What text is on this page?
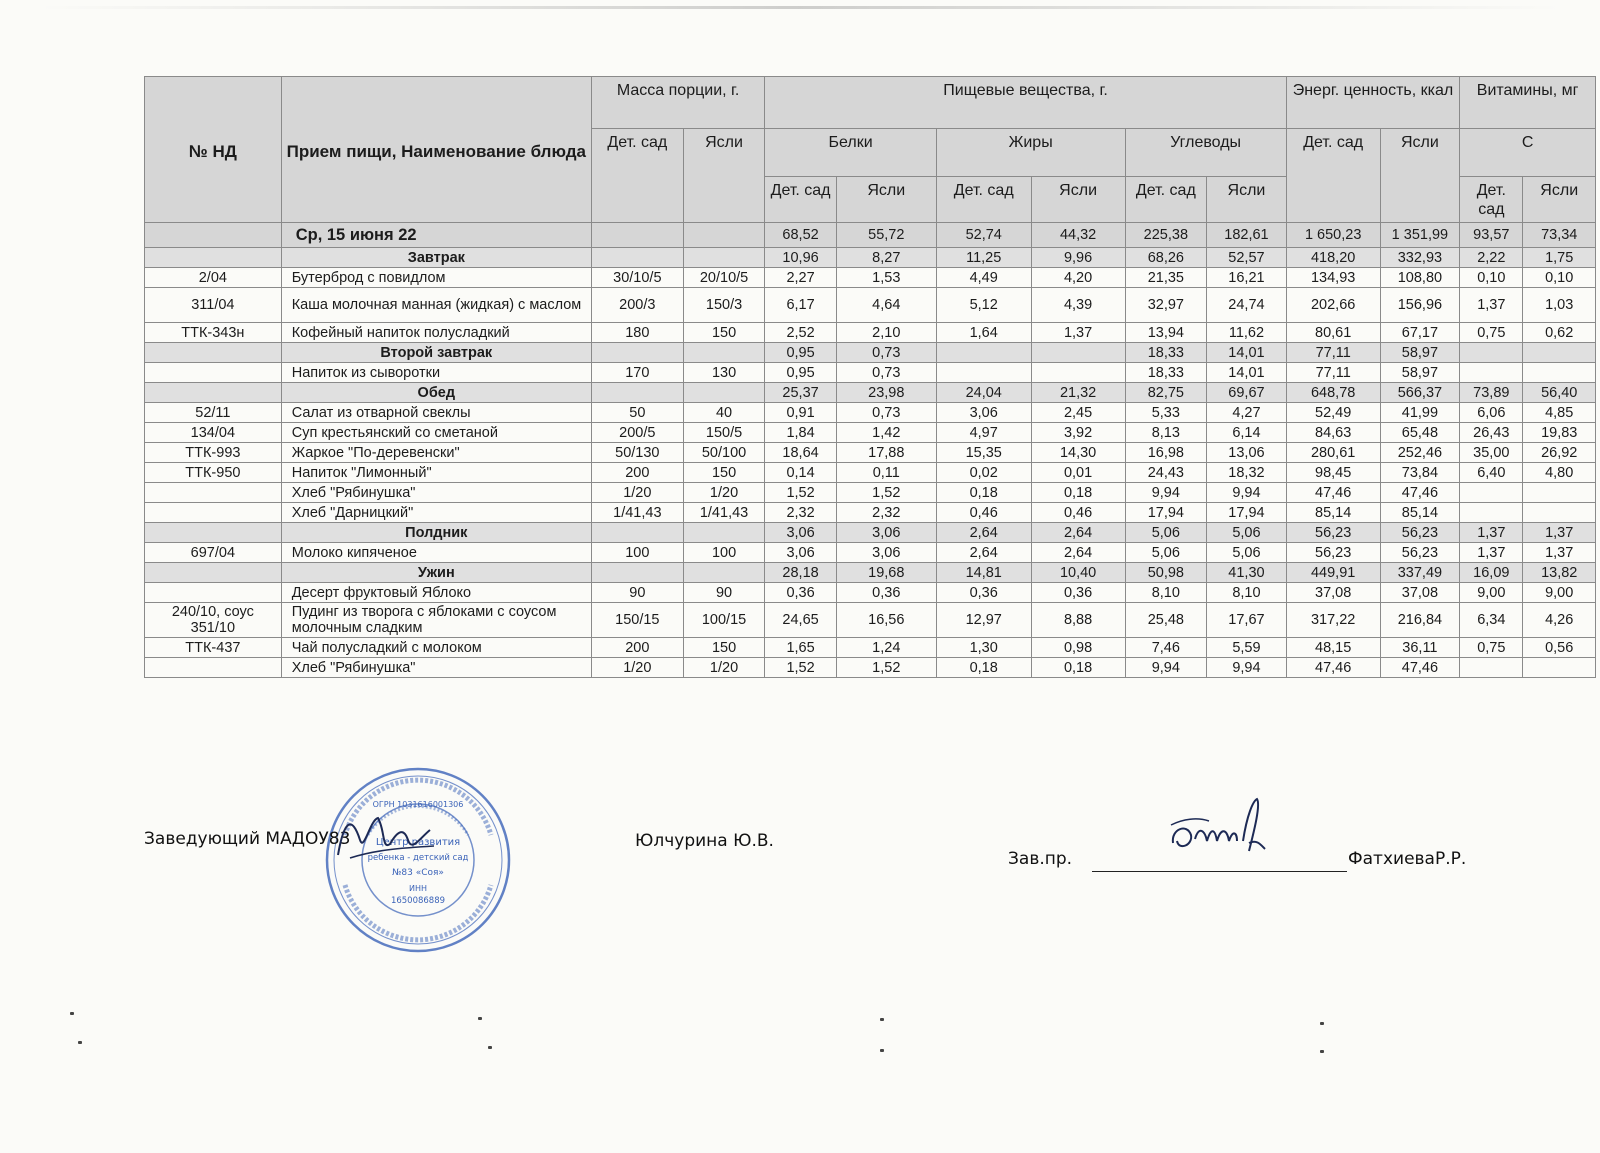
№ НД	Прием пищи, Наименование блюда	Масса порции, г.		Пищевые вещества, г.						Энерг. ценность, ккал		Витамины, мг	
		Дет. сад	Ясли	Белки		Жиры		Углеводы		Дет. сад	Ясли	С	
				Дет. сад	Ясли	Дет. сад	Ясли	Дет. сад	Ясли			Дет. сад	Ясли
	Ср, 15 июня 22			68,52	55,72	52,74	44,32	225,38	182,61	1 650,23	1 351,99	93,57	73,34
	Завтрак			10,96	8,27	11,25	9,96	68,26	52,57	418,20	332,93	2,22	1,75
2/04	Бутерброд с повидлом	30/10/5	20/10/5	2,27	1,53	4,49	4,20	21,35	16,21	134,93	108,80	0,10	0,10
311/04	Каша молочная манная (жидкая) с маслом	200/3	150/3	6,17	4,64	5,12	4,39	32,97	24,74	202,66	156,96	1,37	1,03
ТТК-343н	Кофейный напиток полусладкий	180	150	2,52	2,10	1,64	1,37	13,94	11,62	80,61	67,17	0,75	0,62
	Второй завтрак			0,95	0,73			18,33	14,01	77,11	58,97		
	Напиток из сыворотки	170	130	0,95	0,73			18,33	14,01	77,11	58,97		
	Обед			25,37	23,98	24,04	21,32	82,75	69,67	648,78	566,37	73,89	56,40
52/11	Салат из отварной свеклы	50	40	0,91	0,73	3,06	2,45	5,33	4,27	52,49	41,99	6,06	4,85
134/04	Суп крестьянский со сметаной	200/5	150/5	1,84	1,42	4,97	3,92	8,13	6,14	84,63	65,48	26,43	19,83
ТТК-993	Жаркое "По-деревенски"	50/130	50/100	18,64	17,88	15,35	14,30	16,98	13,06	280,61	252,46	35,00	26,92
ТТК-950	Напиток "Лимонный"	200	150	0,14	0,11	0,02	0,01	24,43	18,32	98,45	73,84	6,40	4,80
	Хлеб "Рябинушка"	1/20	1/20	1,52	1,52	0,18	0,18	9,94	9,94	47,46	47,46		
	Хлеб "Дарницкий"	1/41,43	1/41,43	2,32	2,32	0,46	0,46	17,94	17,94	85,14	85,14		
	Полдник			3,06	3,06	2,64	2,64	5,06	5,06	56,23	56,23	1,37	1,37
697/04	Молоко кипяченое	100	100	3,06	3,06	2,64	2,64	5,06	5,06	56,23	56,23	1,37	1,37
	Ужин			28,18	19,68	14,81	10,40	50,98	41,30	449,91	337,49	16,09	13,82
	Десерт фруктовый Яблоко	90	90	0,36	0,36	0,36	0,36	8,10	8,10	37,08	37,08	9,00	9,00
240/10, соус 351/10	Пудинг из творога с яблоками с соусом молочным сладким	150/15	100/15	24,65	16,56	12,97	8,88	25,48	17,67	317,22	216,84	6,34	4,26
ТТК-437	Чай полусладкий с молоком	200	150	1,65	1,24	1,30	0,98	7,46	5,59	48,15	36,11	0,75	0,56
	Хлеб "Рябинушка"	1/20	1/20	1,52	1,52	0,18	0,18	9,94	9,94	47,46	47,46		
Центр развития
ребенка - детский сад
№83 «Соя»
ИНН
1650086889
ОГРН 1031616001306
Заведующий МАДОУ83	Юлчурина Ю.В.
Зав.пр.	ФатхиеваР.Р.
